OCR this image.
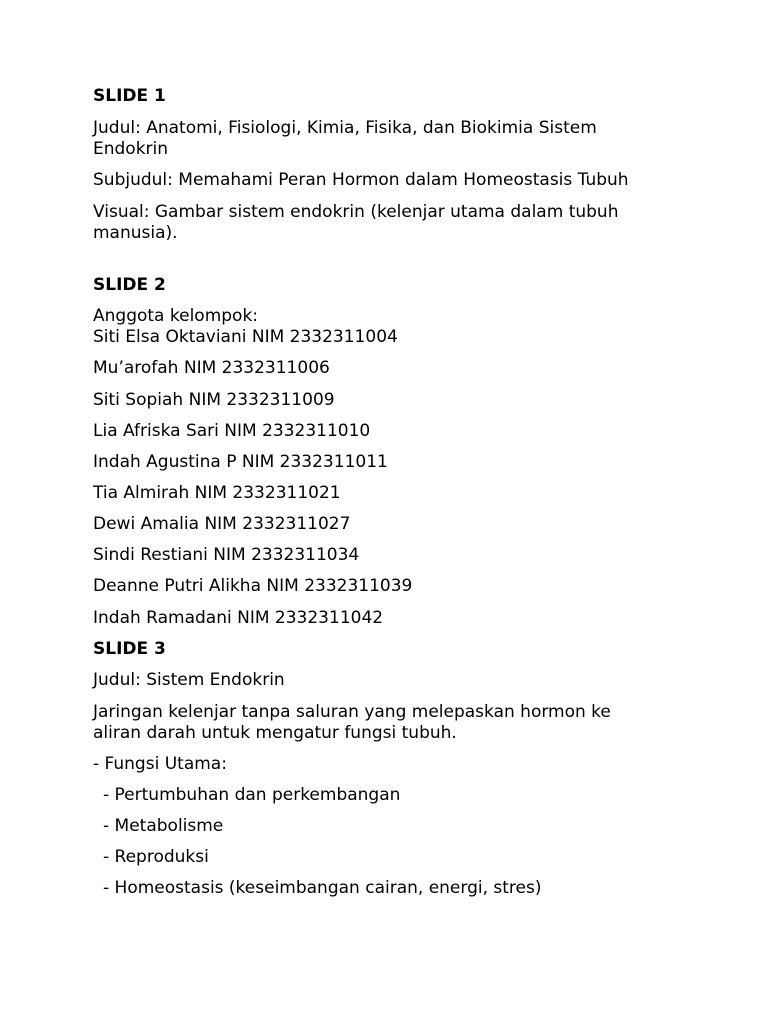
SLIDE 1
Judul: Anatomi, Fisiologi, Kimia, Fisika, dan Biokimia Sistem
Endokrin
Subjudul: Memahami Peran Hormon dalam Homeostasis Tubuh
Visual: Gambar sistem endokrin (kelenjar utama dalam tubuh
manusia).
SLIDE 2
Anggota kelompok:
Siti Elsa Oktaviani NIM 2332311004
Mu’arofah NIM 2332311006
Siti Sopiah NIM 2332311009
Lia Afriska Sari NIM 2332311010
Indah Agustina P NIM 2332311011
Tia Almirah NIM 2332311021
Dewi Amalia NIM 2332311027
Sindi Restiani NIM 2332311034
Deanne Putri Alikha NIM 2332311039
Indah Ramadani NIM 2332311042
SLIDE 3
Judul: Sistem Endokrin
Jaringan kelenjar tanpa saluran yang melepaskan hormon ke
aliran darah untuk mengatur fungsi tubuh.
- Fungsi Utama:
- Pertumbuhan dan perkembangan
- Metabolisme
- Reproduksi
- Homeostasis (keseimbangan cairan, energi, stres)
